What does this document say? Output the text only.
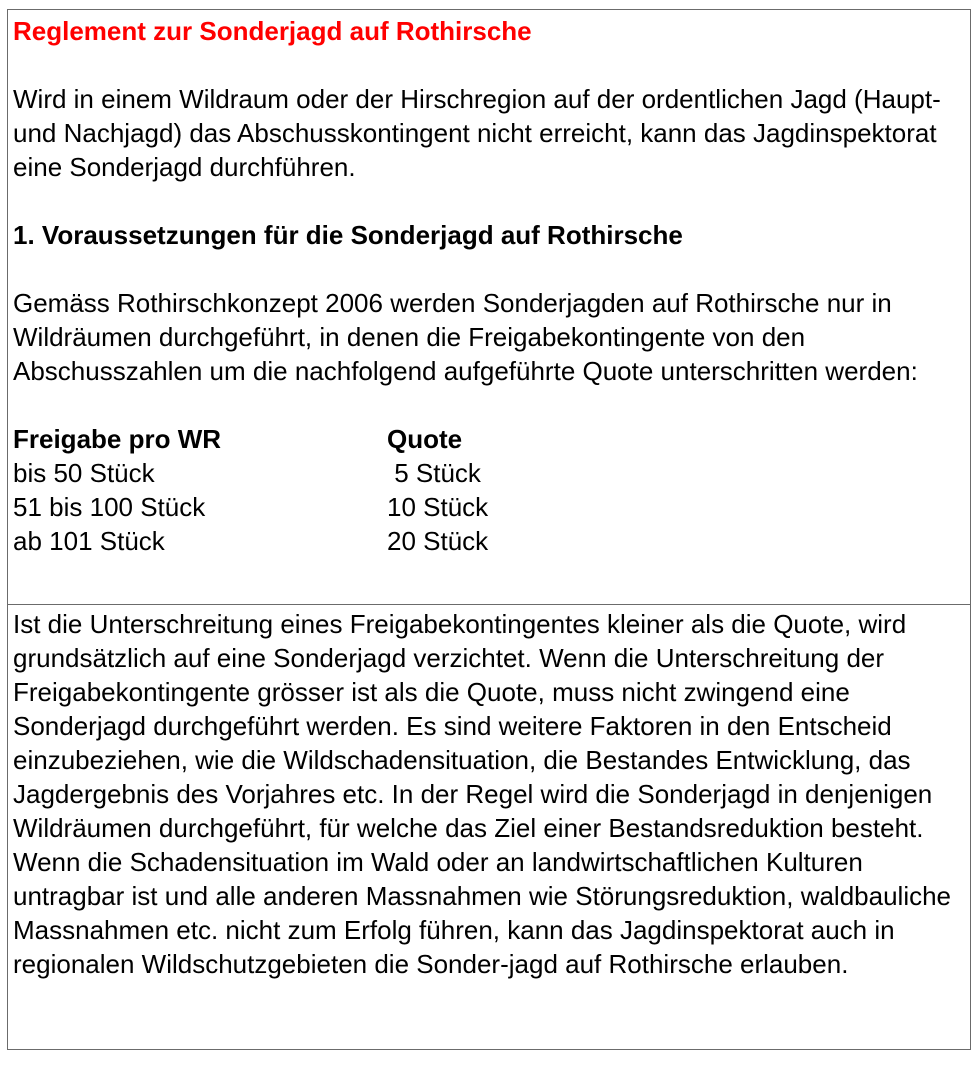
Reglement zur Sonderjagd auf Rothirsche

Wird in einem Wildraum oder der Hirschregion auf der ordentlichen Jagd (Haupt- und Nachjagd) das Abschusskontingent nicht erreicht, kann das Jagdinspektorat eine Sonderjagd durchführen.

1. Voraussetzungen für die Sonderjagd auf Rothirsche

Gemäss Rothirschkonzept 2006 werden Sonderjagden auf Rothirsche nur in Wildräumen durchgeführt, in denen die Freigabekontingente von den Abschusszahlen um die nachfolgend aufgeführte Quote unterschritten werden:

Freigabe pro WR	Quote
bis 50 Stück	5 Stück
51 bis 100 Stück	10 Stück
ab 101 Stück	20 Stück

Ist die Unterschreitung eines Freigabekontingentes kleiner als die Quote, wird grundsätzlich auf eine Sonderjagd verzichtet. Wenn die Unterschreitung der Freigabekontingente grösser ist als die Quote, muss nicht zwingend eine Sonderjagd durchgeführt werden. Es sind weitere Faktoren in den Entscheid einzubeziehen, wie die Wildschadensituation, die Bestandes Entwicklung, das Jagdergebnis des Vorjahres etc. In der Regel wird die Sonderjagd in denjenigen Wildräumen durchgeführt, für welche das Ziel einer Bestandsreduktion besteht. Wenn die Schadensituation im Wald oder an landwirtschaftlichen Kulturen untragbar ist und alle anderen Massnahmen wie Störungsreduktion, waldbauliche Massnahmen etc. nicht zum Erfolg führen, kann das Jagdinspektorat auch in regionalen Wildschutzgebieten die Sonder-jagd auf Rothirsche erlauben.
